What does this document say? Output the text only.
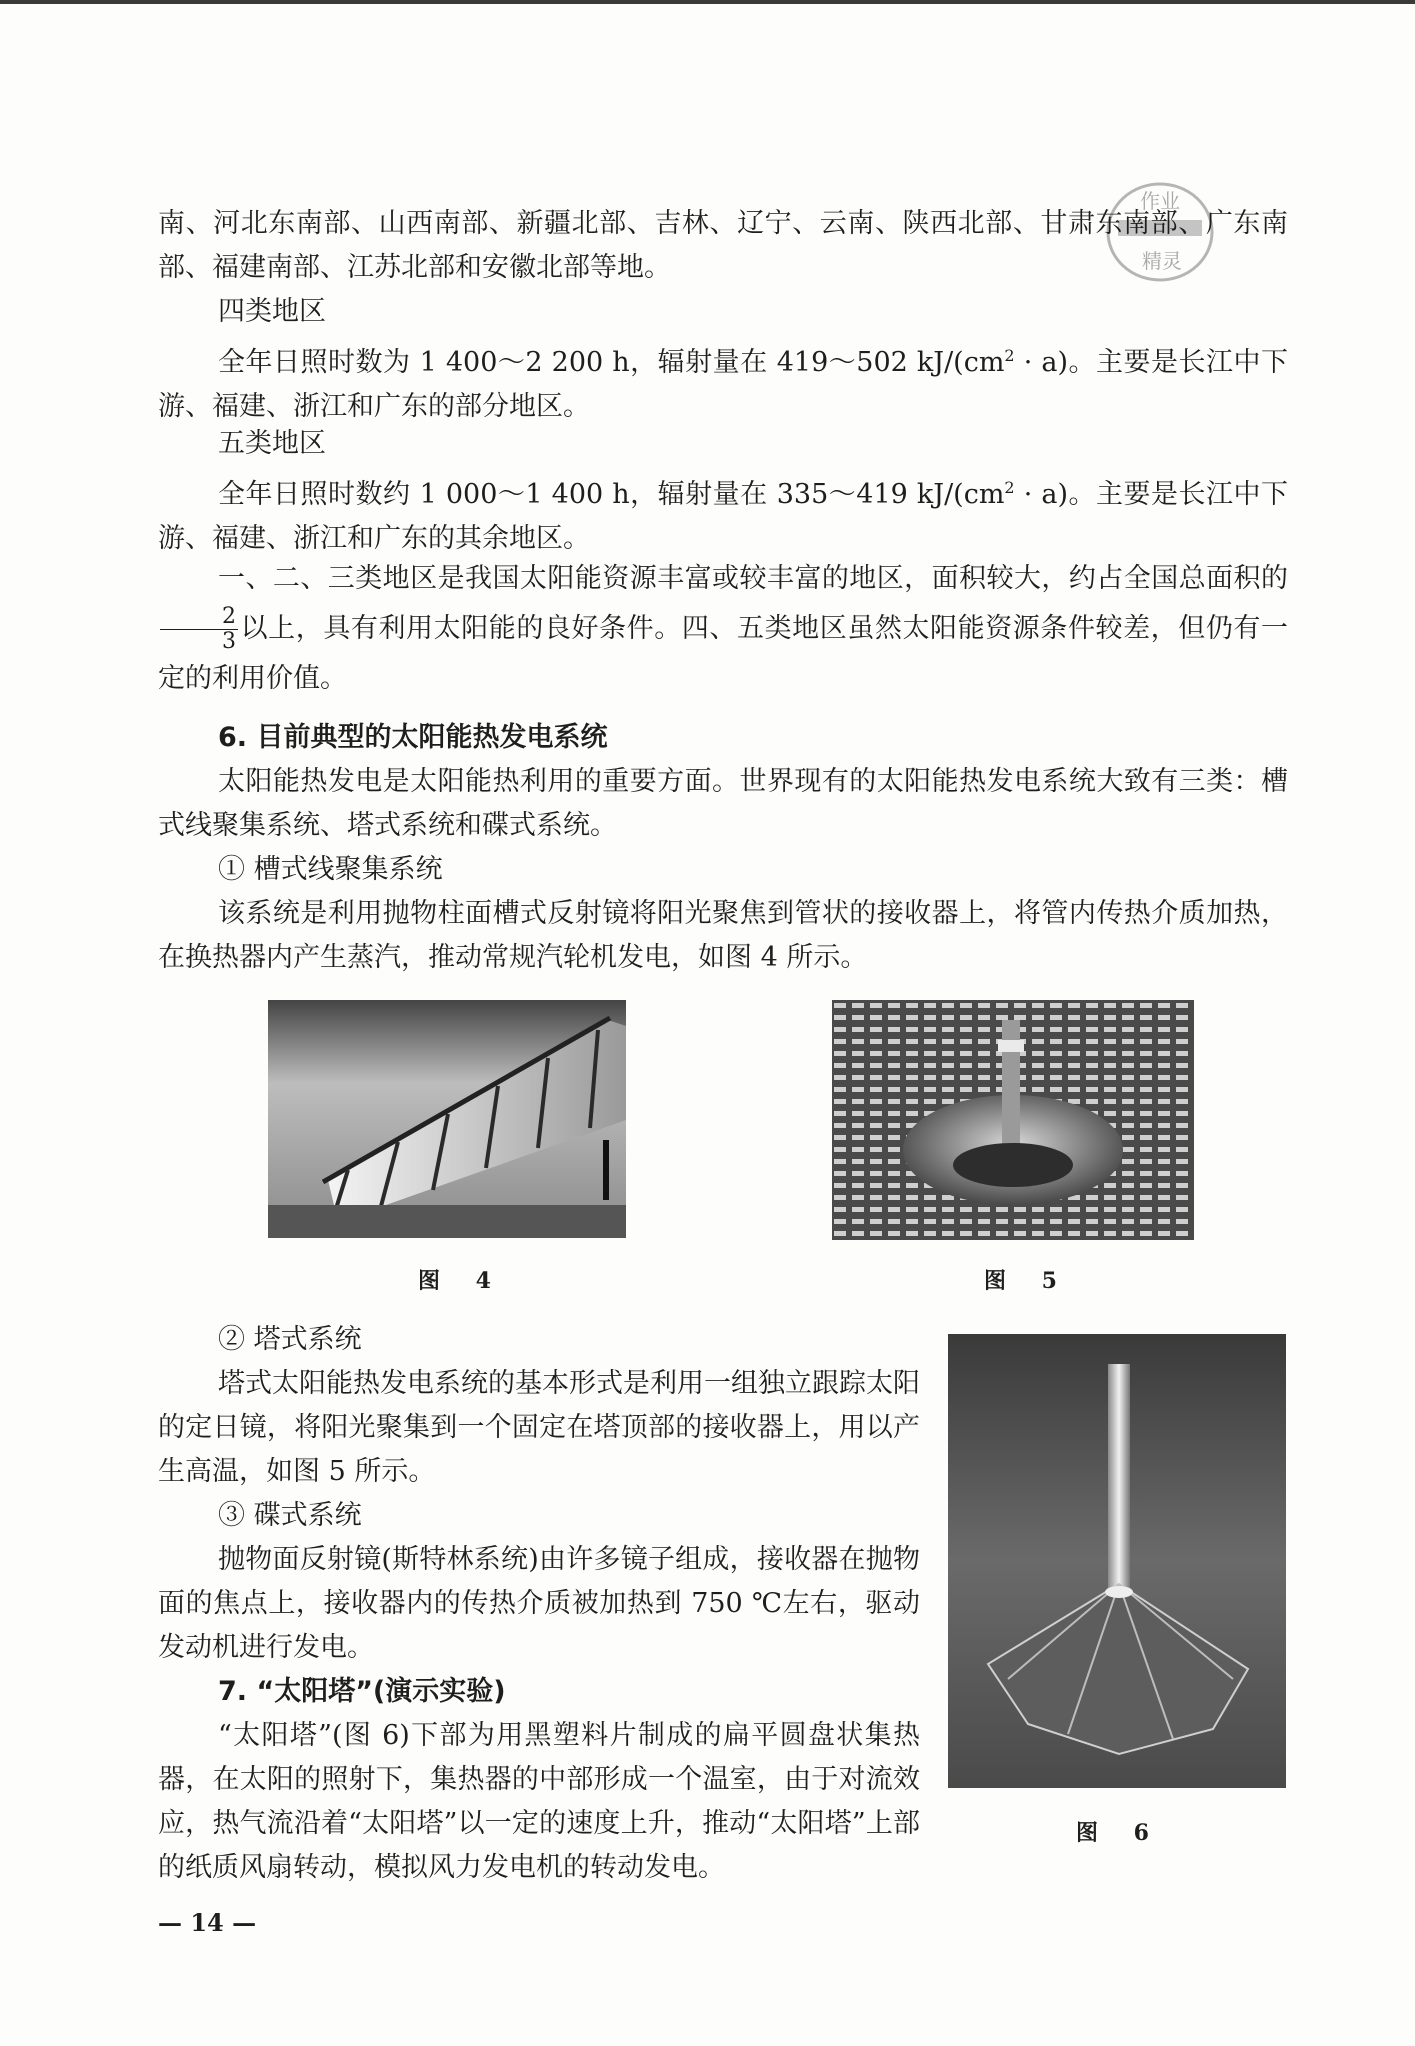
作业
精灵

南、河北东南部、山西南部、新疆北部、吉林、辽宁、云南、陕西北部、甘肃东南部、广东南部、福建南部、江苏北部和安徽北部等地。

四类地区

全年日照时数为 1 400～2 200 h，辐射量在 419～502 $kJ/(cm^2 \cdot a)$。主要是长江中下游、福建、浙江和广东的部分地区。

五类地区

全年日照时数约 1 000～1 400 h，辐射量在 335～419 $kJ/(cm^2 \cdot a)$。主要是长江中下游、福建、浙江和广东的其余地区。

一、二、三类地区是我国太阳能资源丰富或较丰富的地区，面积较大，约占全国总面积的
$\frac{2}{3}$ 以上，具有利用太阳能的良好条件。四、五类地区虽然太阳能资源条件较差，但仍有一定的利用价值。

6. 目前典型的太阳能热发电系统

太阳能热发电是太阳能热利用的重要方面。世界现有的太阳能热发电系统大致有三类：槽式线聚集系统、塔式系统和碟式系统。

① 槽式线聚集系统

该系统是利用抛物柱面槽式反射镜将阳光聚焦到管状的接收器上，将管内传热介质加热，在换热器内产生蒸汽，推动常规汽轮机发电，如图 4 所示。

图 4	图 5

② 塔式系统

塔式太阳能热发电系统的基本形式是利用一组独立跟踪太阳的定日镜，将阳光聚集到一个固定在塔顶部的接收器上，用以产生高温，如图 5 所示。

③ 碟式系统

抛物面反射镜(斯特林系统)由许多镜子组成，接收器在抛物面的焦点上，接收器内的传热介质被加热到 750 ℃左右，驱动发动机进行发电。

7. “太阳塔”(演示实验)

“太阳塔”(图 6)下部为用黑塑料片制成的扁平圆盘状集热器，在太阳的照射下，集热器的中部形成一个温室，由于对流效应，热气流沿着“太阳塔”以一定的速度上升，推动“太阳塔”上部的纸质风扇转动，模拟风力发电机的转动发电。

图 6
— 14 —
